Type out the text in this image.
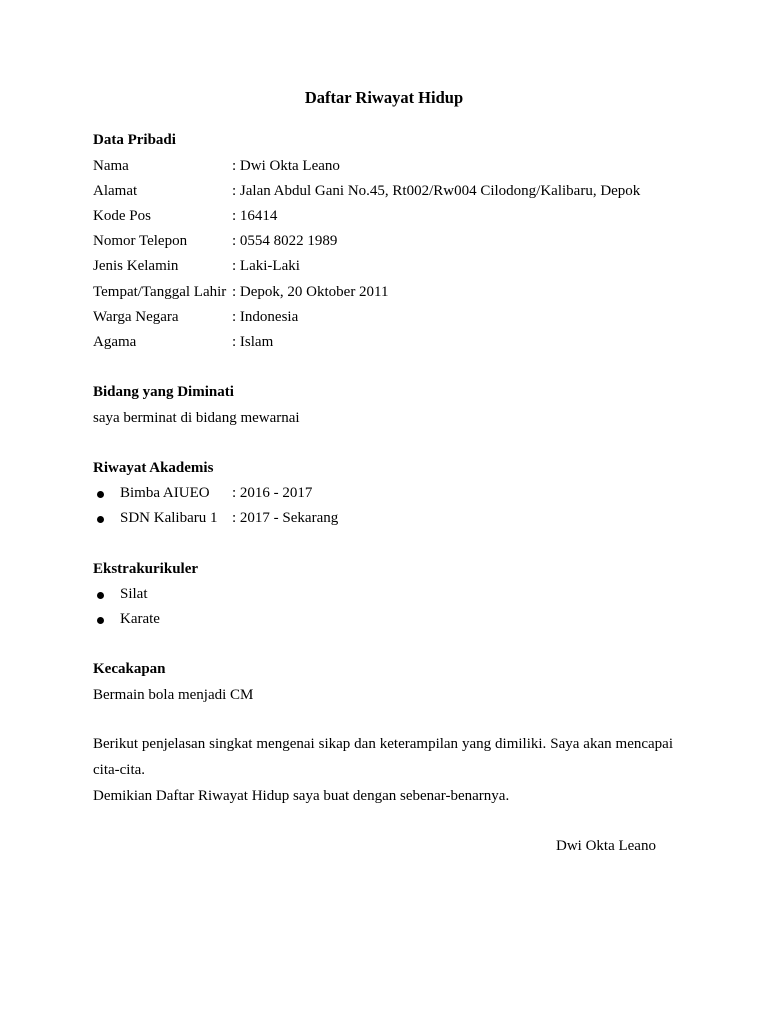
Daftar Riwayat Hidup
Data Pribadi
Nama	: Dwi Okta Leano
Alamat	: Jalan Abdul Gani No.45, Rt002/Rw004 Cilodong/Kalibaru, Depok
Kode Pos	: 16414
Nomor Telepon	: 0554 8022 1989
Jenis Kelamin	: Laki-Laki
Tempat/Tanggal Lahir : Depok, 20 Oktober 2011
Warga Negara	: Indonesia
Agama	: Islam
Bidang yang Diminati
saya berminat di bidang mewarnai
Riwayat Akademis
Bimba AIUEO : 2016 - 2017
SDN Kalibaru 1 : 2017 - Sekarang
Ekstrakurikuler
Silat
Karate
Kecakapan
Bermain bola menjadi CM
Berikut penjelasan singkat mengenai sikap dan keterampilan yang dimiliki. Saya akan mencapai cita-cita.
Demikian Daftar Riwayat Hidup saya buat dengan sebenar-benarnya.
Dwi Okta Leano
